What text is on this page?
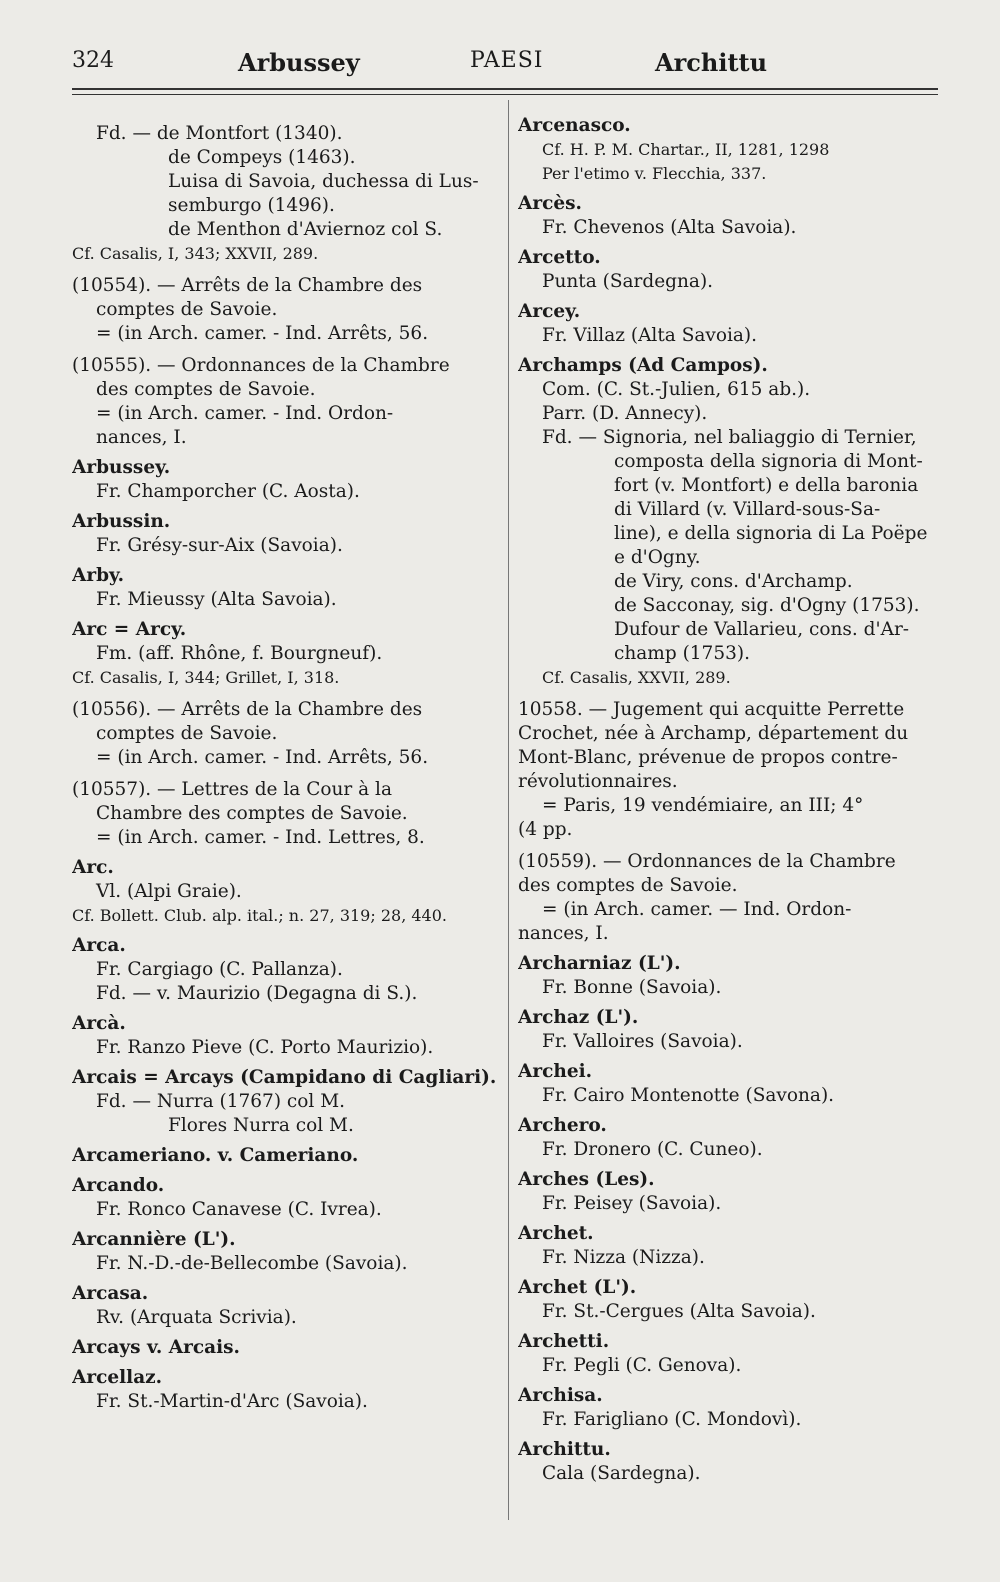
324	Arbussey	PAESI	Archittu
Fd. — de Montfort (1340).
de Compeys (1463).
Luisa di Savoia, duchessa di Lus-
semburgo (1496).
de Menthon d'Aviernoz col S.
Cf. Casalis, I, 343; XXVII, 289.
(10554). — Arrêts de la Chambre des
comptes de Savoie.
= (in Arch. camer. - Ind. Arrêts, 56.
(10555). — Ordonnances de la Chambre
des comptes de Savoie.
= (in Arch. camer. - Ind. Ordon-
nances, I.
Arbussey.
Fr. Champorcher (C. Aosta).
Arbussin.
Fr. Grésy-sur-Aix (Savoia).
Arby.
Fr. Mieussy (Alta Savoia).
Arc = Arcy.
Fm. (aff. Rhône, f. Bourgneuf).
Cf. Casalis, I, 344; Grillet, I, 318.
(10556). — Arrêts de la Chambre des
comptes de Savoie.
= (in Arch. camer. - Ind. Arrêts, 56.
(10557). — Lettres de la Cour à la
Chambre des comptes de Savoie.
= (in Arch. camer. - Ind. Lettres, 8.
Arc.
Vl. (Alpi Graie).
Cf. Bollett. Club. alp. ital.; n. 27, 319; 28, 440.
Arca.
Fr. Cargiago (C. Pallanza).
Fd. — v. Maurizio (Degagna di S.).
Arcà.
Fr. Ranzo Pieve (C. Porto Maurizio).
Arcais = Arcays (Campidano di Cagliari).
Fd. — Nurra (1767) col M.
Flores Nurra col M.
Arcameriano. v. Cameriano.
Arcando.
Fr. Ronco Canavese (C. Ivrea).
Arcannière (L').
Fr. N.-D.-de-Bellecombe (Savoia).
Arcasa.
Rv. (Arquata Scrivia).
Arcays v. Arcais.
Arcellaz.
Fr. St.-Martin-d'Arc (Savoia).
Arcenasco.
Cf. H. P. M. Chartar., II, 1281, 1298
Per l'etimo v. Flecchia, 337.
Arcès.
Fr. Chevenos (Alta Savoia).
Arcetto.
Punta (Sardegna).
Arcey.
Fr. Villaz (Alta Savoia).
Archamps (Ad Campos).
Com. (C. St.-Julien, 615 ab.).
Parr. (D. Annecy).
Fd. — Signoria, nel baliaggio di Ternier,
composta della signoria di Mont-
fort (v. Montfort) e della baronia
di Villard (v. Villard-sous-Sa-
line), e della signoria di La Poëpe
e d'Ogny.
de Viry, cons. d'Archamp.
de Sacconay, sig. d'Ogny (1753).
Dufour de Vallarieu, cons. d'Ar-
champ (1753).
Cf. Casalis, XXVII, 289.
10558. — Jugement qui acquitte Perrette
Crochet, née à Archamp, département du
Mont-Blanc, prévenue de propos contre-
révolutionnaires.
= Paris, 19 vendémiaire, an III; 4°
(4 pp.
(10559). — Ordonnances de la Chambre
des comptes de Savoie.
= (in Arch. camer. — Ind. Ordon-
nances, I.
Archarniaz (L').
Fr. Bonne (Savoia).
Archaz (L').
Fr. Valloires (Savoia).
Archei.
Fr. Cairo Montenotte (Savona).
Archero.
Fr. Dronero (C. Cuneo).
Arches (Les).
Fr. Peisey (Savoia).
Archet.
Fr. Nizza (Nizza).
Archet (L').
Fr. St.-Cergues (Alta Savoia).
Archetti.
Fr. Pegli (C. Genova).
Archisa.
Fr. Farigliano (C. Mondovì).
Archittu.
Cala (Sardegna).
